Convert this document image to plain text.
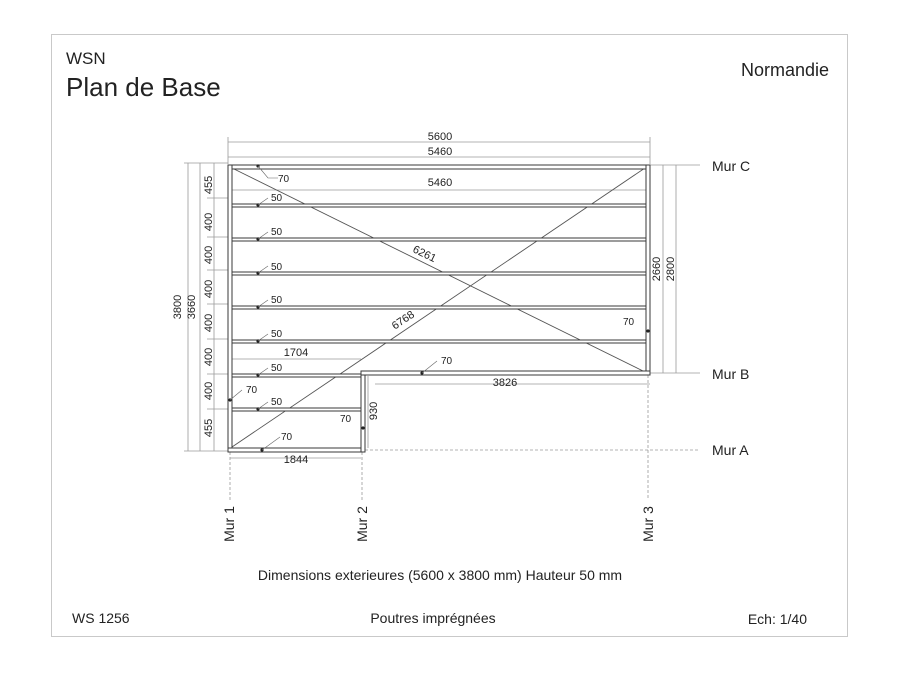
WSN
Plan de Base
Normandie
5600
5460
5460
1704
3826
1844
930
2660 2800
3800 3660
6261
6768
455
400
400
400
400
400
400
455
70
50
50
50
50
50
50
50
70
70
70
70
70
Mur C
Mur B
Mur A
Mur 1	Mur 2	Mur 3
Dimensions exterieures (5600 x 3800 mm) Hauteur 50 mm
WS 1256	Poutres imprégnées	Ech: 1/40
